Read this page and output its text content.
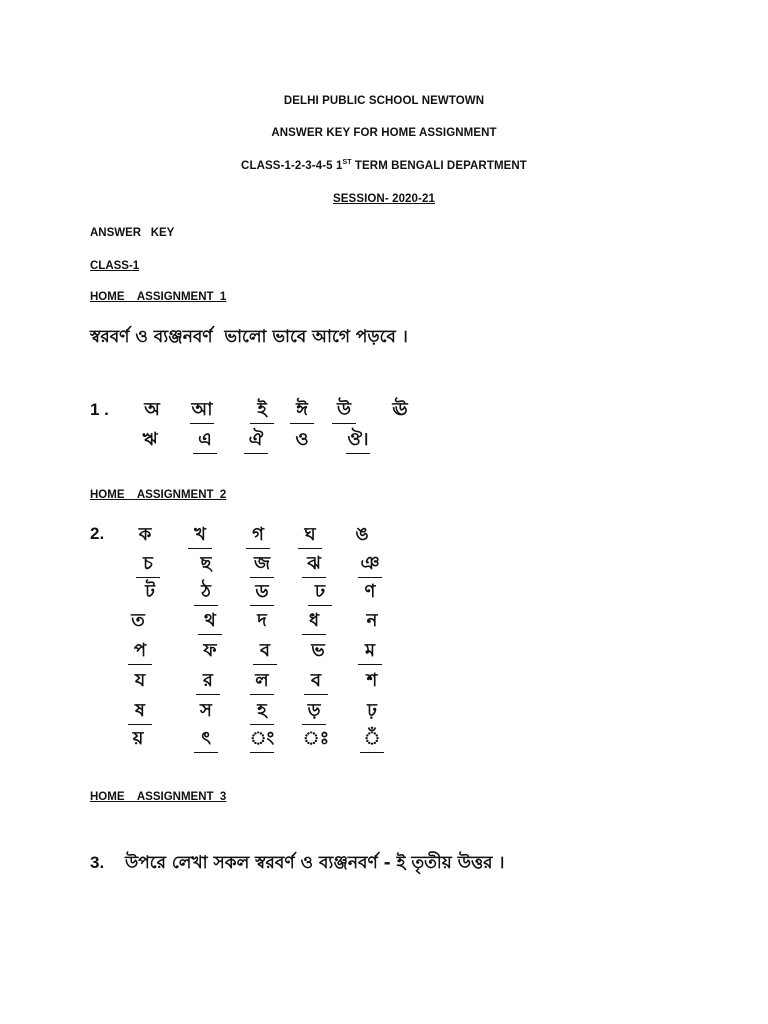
DELHI PUBLIC SCHOOL NEWTOWN
ANSWER KEY FOR HOME ASSIGNMENT
CLASS-1-2-3-4-5 1ST TERM BENGALI DEPARTMENT
SESSION- 2020-21
ANSWER   KEY
CLASS-1
HOME    ASSIGNMENT  1
স্বরবর্ণ ও ব্যঞ্জনবর্ণ  ভালো ভাবে আগে পড়বে ।
1 .	অ	আ	ই	ঈ	উ	ঊ
ঋ	এ	ঐ	ও	ঔ।
HOME    ASSIGNMENT  2
2.	ক	খ	গ	ঘ	ঙ
চ	ছ	জ	ঝ	ঞ
ট	ঠ	ড	ঢ	ণ
ত	থ	দ	ধ	ন
প	ফ	ব	ভ	ম
য	র	ল	ব	শ
ষ	স	হ	ড়	ঢ়
য়	ৎ	ং	ঃ	ঁ
HOME    ASSIGNMENT  3
3. উপরে লেখা সকল স্বরবর্ণ ও ব্যঞ্জনবর্ণ - ই তৃতীয় উত্তর ।
